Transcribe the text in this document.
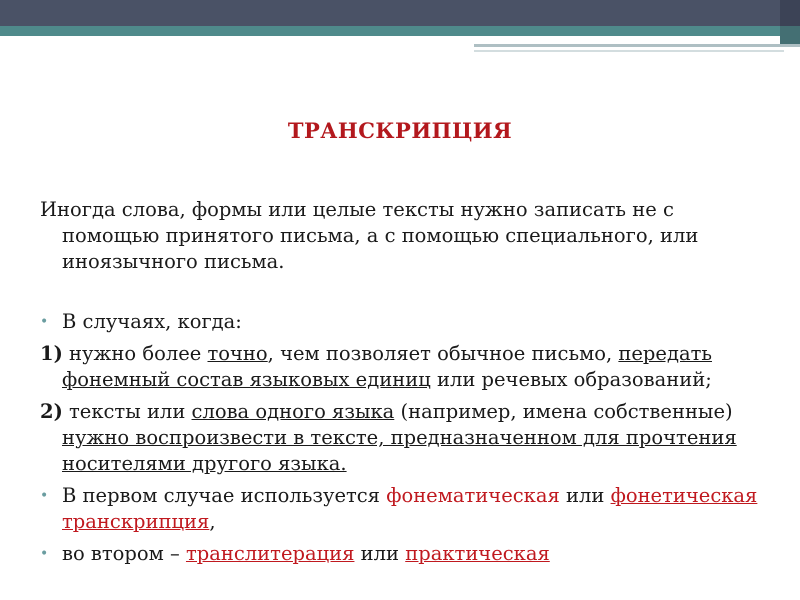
ТРАНСКРИПЦИЯ

Иногда слова, формы или целые тексты нужно записать не с помощью принятого письма, а с помощью специального, или иноязычного письма.

• В случаях, когда:

1) нужно более точно, чем позволяет обычное письмо, передать фонемный состав языковых единиц или речевых образований;

2) тексты или слова одного языка (например, имена собственные) нужно воспроизвести в тексте, предназначенном для прочтения носителями другого языка.

• В первом случае используется фонематическая или фонетическая транскрипция,

• во втором – транслитерация или практическая
